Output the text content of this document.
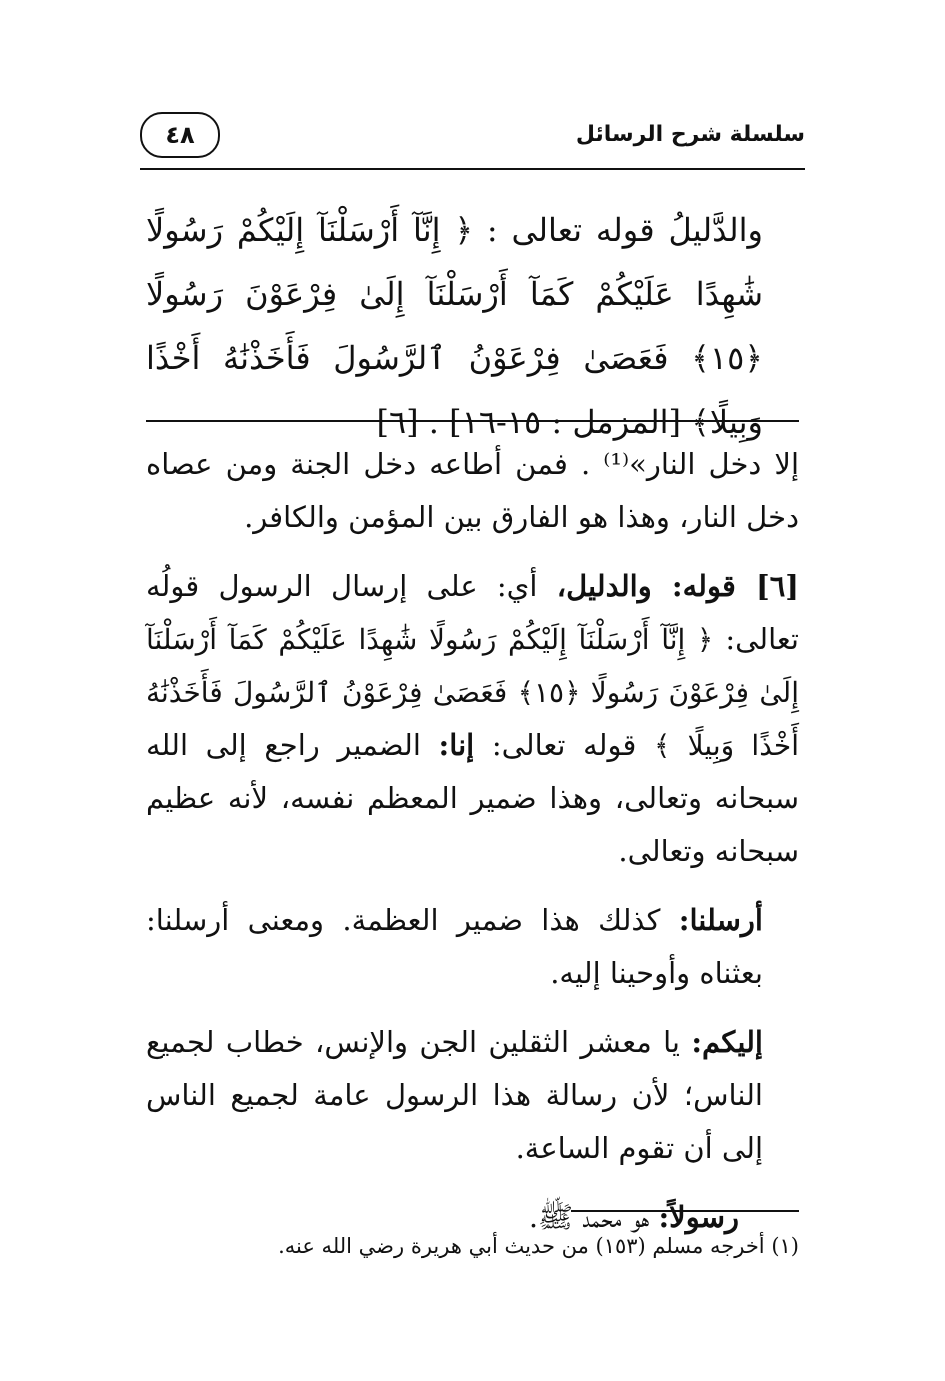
سلسلة شرح الرسائل
٤٨
والدَّليلُ قوله تعالى : ﴿ إِنَّآ أَرْسَلْنَآ إِلَيْكُمْ رَسُولًا شَٰهِدًا عَلَيْكُمْ كَمَآ أَرْسَلْنَآ إِلَىٰ فِرْعَوْنَ رَسُولًا ﴿١٥﴾ فَعَصَىٰ فِرْعَوْنُ ٱلرَّسُولَ فَأَخَذْنَٰهُ أَخْذًا وَبِيلًا﴾ [المزمل : ١٥-١٦] . [٦]

إلا دخل النار»⁽¹⁾ . فمن أطاعه دخل الجنة ومن عصاه دخل النار، وهذا هو الفارق بين المؤمن والكافر.

[٦] قوله: والدليل، أي: على إرسال الرسول قولُه تعالى: ﴿ إِنَّآ أَرْسَلْنَآ إِلَيْكُمْ رَسُولًا شَٰهِدًا عَلَيْكُمْ كَمَآ أَرْسَلْنَآ إِلَىٰ فِرْعَوْنَ رَسُولًا ﴿١٥﴾ فَعَصَىٰ فِرْعَوْنُ ٱلرَّسُولَ فَأَخَذْنَٰهُ أَخْذًا وَبِيلًا ﴾ قوله تعالى: إنا: الضمير راجع إلى الله سبحانه وتعالى، وهذا ضمير المعظم نفسه، لأنه عظيم سبحانه وتعالى.

أرسلنا: كذلك هذا ضمير العظمة. ومعنى أرسلنا: بعثناه وأوحينا إليه.

إليكم: يا معشر الثقلين الجن والإنس، خطاب لجميع الناس؛ لأن رسالة هذا الرسول عامة لجميع الناس إلى أن تقوم الساعة.

رسولاً: هو محمد ﷺ.

(١) أخرجه مسلم (١٥٣) من حديث أبي هريرة رضي الله عنه.
